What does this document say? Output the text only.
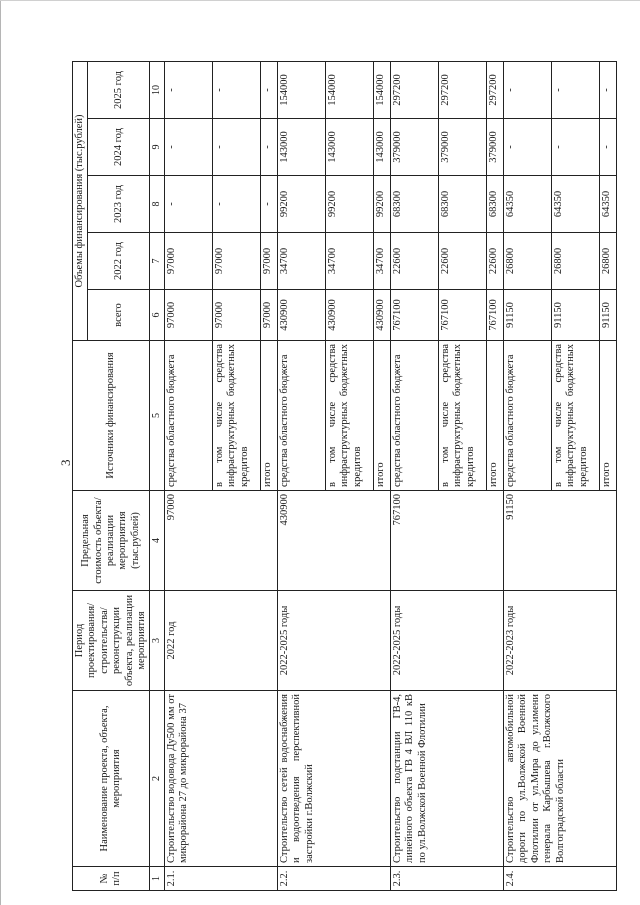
3
№ п/п	Наименование проекта, объекта, мероприятия	Период проектирования/ строительства/ реконструкции объекта, реализации мероприятия	Предельная стоимость объекта/реализации мероприятия (тыс.рублей)	Источники финансирования	Объемы финансирования (тыс.рублей)				
					всего	2022 год	2023 год	2024 год	2025 год

1	2	3	4	5	6	7	8	9	10
2.1.	Строительство водовода Ду500 мм от микрорайона 27 до микрорайона 37	2022 год	97000	средства областного бюджета	97000	97000	-	-	-
				в том числе средства инфраструктурных бюджетных кредитов	97000	97000	-	-	-
				итого	97000	97000	-	-	-
2.2.	Строительство сетей водоснабжения и водоотведения перспективной застройки г.Волжский	2022-2025 годы	430900	средства областного бюджета	430900	34700	99200	143000	154000
				в том числе средства инфраструктурных бюджетных кредитов	430900	34700	99200	143000	154000
				итого	430900	34700	99200	143000	154000
2.3.	Строительство подстанции ГВ-4, линейного объекта ГВ 4 ВЛ 110 кВ по ул.Волжской Военной Флотилии	2022-2025 годы	767100	средства областного бюджета	767100	22600	68300	379000	297200
				в том числе средства инфраструктурных бюджетных кредитов	767100	22600	68300	379000	297200
				итого	767100	22600	68300	379000	297200
2.4.	Строительство автомобильной дороги по ул.Волжской Военной Флотилии от ул.Мира до ул.имени генерала Карбышева г.Волжского Волгоградской области	2022-2023 годы	91150	средства областного бюджета	91150	26800	64350	-	-
				в том числе средства инфраструктурных бюджетных кредитов	91150	26800	64350	-	-
				итого	91150	26800	64350	-	-
